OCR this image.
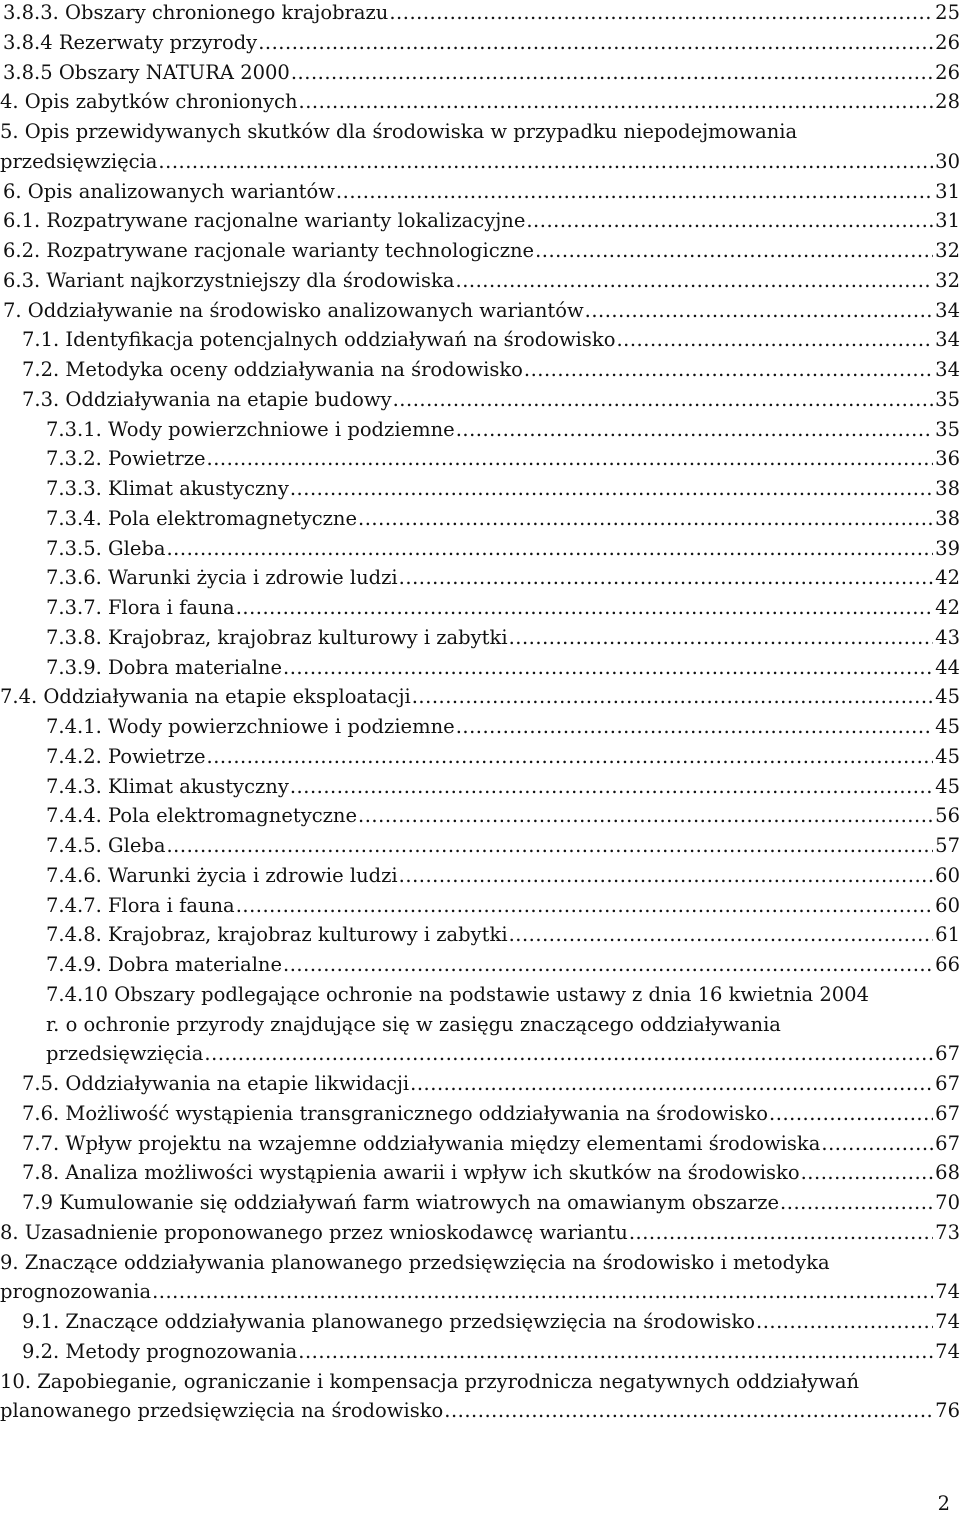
3.8.3. Obszary chronionego krajobrazu .....	25
3.8.4 Rezerwaty przyrody .....	26
3.8.5 Obszary NATURA 2000 .....	26
4. Opis zabytków chronionych .....	28
5. Opis przewidywanych skutków dla środowiska w przypadku niepodejmowania
przedsięwzięcia .....	30
6. Opis analizowanych wariantów .....	31
6.1. Rozpatrywane racjonalne warianty lokalizacyjne .....	31
6.2. Rozpatrywane racjonale warianty technologiczne .....	32
6.3. Wariant najkorzystniejszy dla środowiska .....	32
7. Oddziaływanie na środowisko analizowanych wariantów .....	34
7.1. Identyfikacja potencjalnych oddziaływań na środowisko .....	34
7.2. Metodyka oceny oddziaływania na środowisko .....	34
7.3. Oddziaływania na etapie budowy .....	35
7.3.1. Wody powierzchniowe i podziemne .....	35
7.3.2. Powietrze .....	36
7.3.3. Klimat akustyczny .....	38
7.3.4. Pola elektromagnetyczne .....	38
7.3.5. Gleba .....	39
7.3.6. Warunki życia i zdrowie ludzi .....	42
7.3.7. Flora i fauna .....	42
7.3.8. Krajobraz, krajobraz kulturowy i zabytki .....	43
7.3.9. Dobra materialne .....	44
7.4. Oddziaływania na etapie eksploatacji .....	45
7.4.1. Wody powierzchniowe i podziemne .....	45
7.4.2. Powietrze .....	45
7.4.3. Klimat akustyczny .....	45
7.4.4. Pola elektromagnetyczne .....	56
7.4.5. Gleba .....	57
7.4.6. Warunki życia i zdrowie ludzi .....	60
7.4.7. Flora i fauna .....	60
7.4.8. Krajobraz, krajobraz kulturowy i zabytki .....	61
7.4.9. Dobra materialne .....	66
7.4.10 Obszary podlegające ochronie na podstawie ustawy z dnia 16 kwietnia 2004
r. o ochronie przyrody znajdujące się w zasięgu znaczącego oddziaływania
przedsięwzięcia .....	67
7.5. Oddziaływania na etapie likwidacji .....	67
7.6. Możliwość wystąpienia transgranicznego oddziaływania na środowisko .....	67
7.7. Wpływ projektu na wzajemne oddziaływania między elementami środowiska .....	67
7.8. Analiza możliwości wystąpienia awarii i wpływ ich skutków na środowisko .....	68
7.9 Kumulowanie się oddziaływań farm wiatrowych na omawianym obszarze .....	70
8. Uzasadnienie proponowanego przez wnioskodawcę wariantu .....	73
9. Znaczące oddziaływania planowanego przedsięwzięcia na środowisko i metodyka
prognozowania .....	74
9.1. Znaczące oddziaływania planowanego przedsięwzięcia na środowisko .....	74
9.2. Metody prognozowania .....	74
10. Zapobieganie, ograniczanie i kompensacja przyrodnicza negatywnych oddziaływań
planowanego przedsięwzięcia na środowisko .....	76
2
